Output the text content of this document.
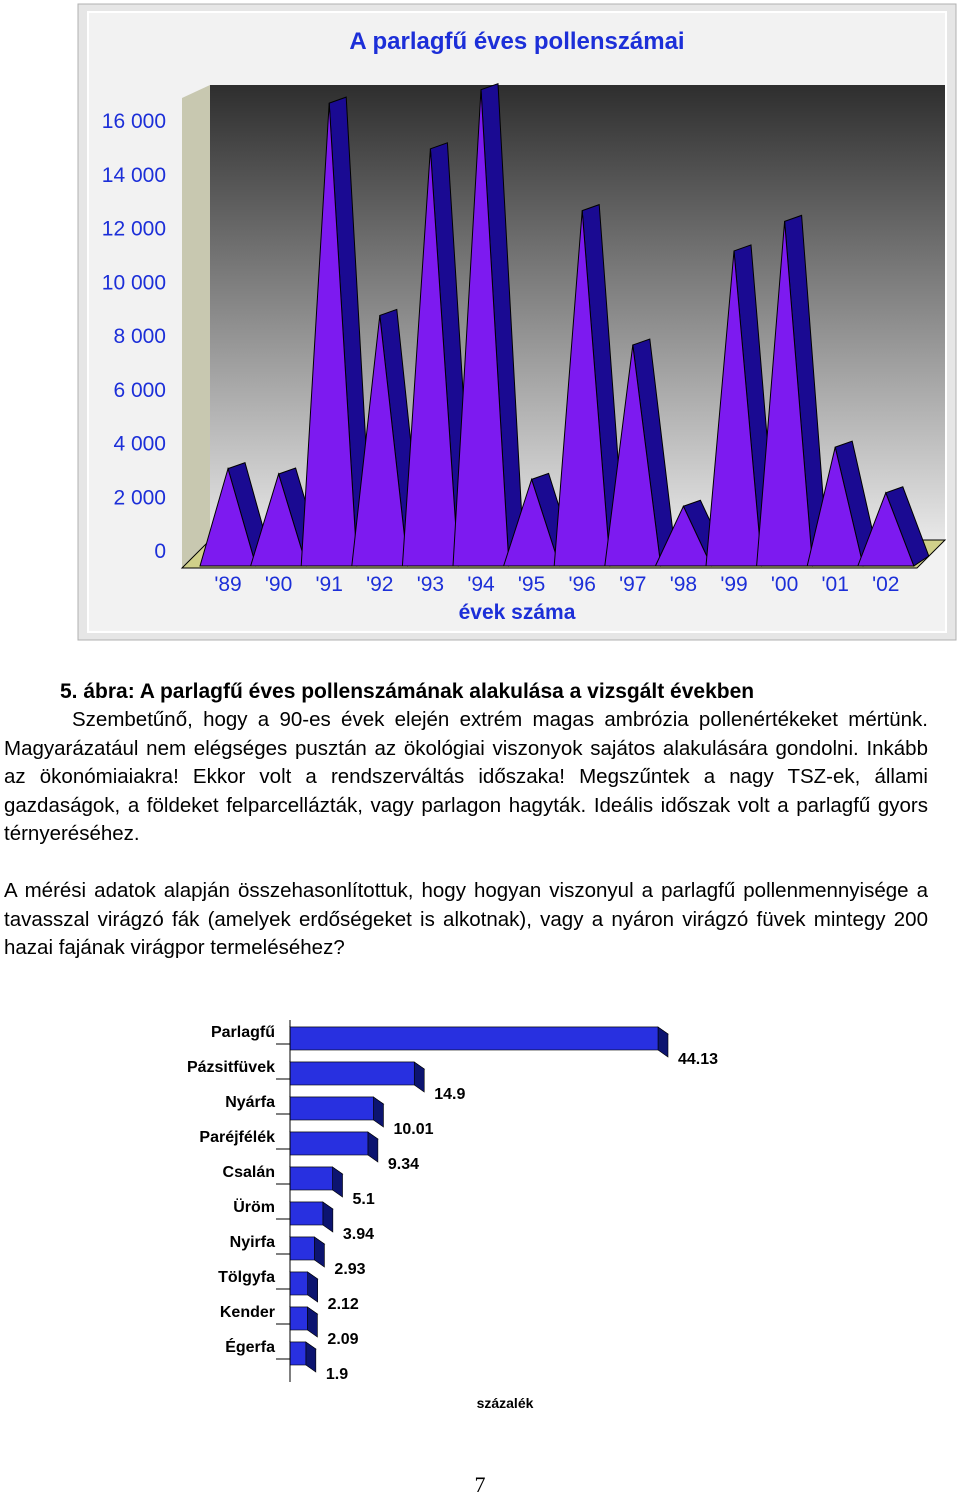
A parlagfű éves pollenszámai
0
2 000
4 000
6 000
8 000
10 000
12 000
14 000
16 000
'89 '90 '91 '92 '93 '94 '95 '96 '97 '98 '99 '00 '01 '02
évek száma
5. ábra: A parlagfű éves pollenszámának alakulása a vizsgált években
Szembetűnő, hogy a 90-es évek elején extrém magas ambrózia pollenértékeket mértünk. Magyarázatául nem elégséges pusztán az ökológiai viszonyok sajátos alakulására gondolni. Inkább az ökonómiaiakra! Ekkor volt a rendszerváltás időszaka! Megszűntek a nagy TSZ-ek, állami gazdaságok, a földeket felparcellázták, vagy parlagon hagyták. Ideális időszak volt a parlagfű gyors térnyeréséhez.
A mérési adatok alapján összehasonlítottuk, hogy hogyan viszonyul a parlagfű pollenmennyisége a tavasszal virágzó fák (amelyek erdőségeket is alkotnak), vagy a nyáron virágzó füvek mintegy 200 hazai fajának virágpor termeléséhez?
Parlagfű
44.13
Pázsitfüvek
14.9
Nyárfa
10.01
Paréjfélék
9.34
Csalán
5.1
Üröm
3.94
Nyirfa
2.93
Tölgyfa
2.12
Kender
2.09
Égerfa
1.9
százalék
7
